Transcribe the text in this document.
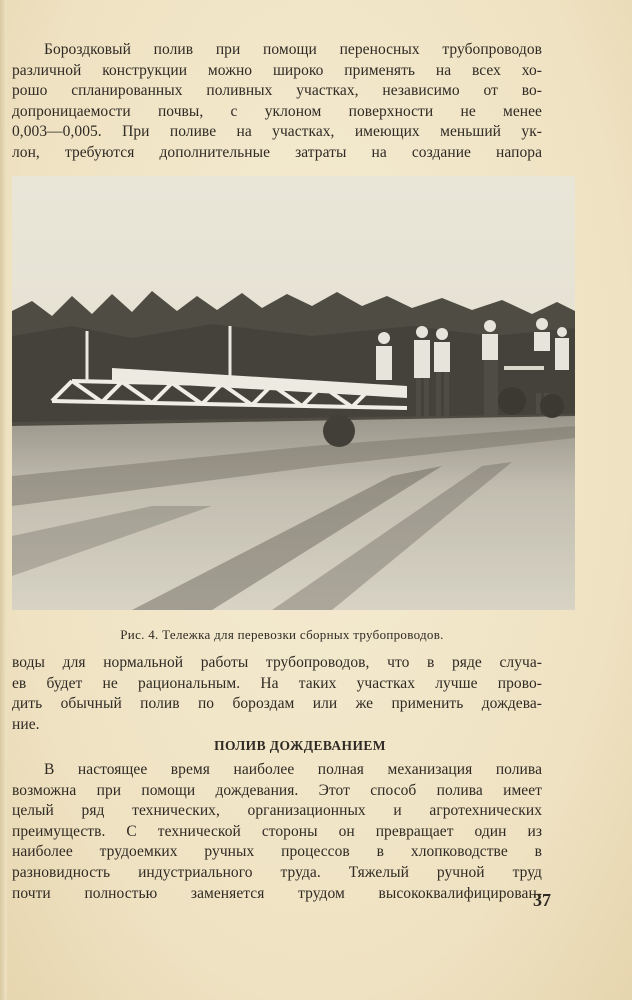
Бороздковый полив при помощи переносных трубопроводов
различной конструкции можно широко применять на всех хо-
рошо спланированных поливных участках, независимо от во-
допроницаемости почвы, с уклоном поверхности не менее
0,003—0,005. При поливе на участках, имеющих меньший ук-
лон, требуются дополнительные затраты на создание напора
Рис. 4. Тележка для перевозки сборных трубопроводов.
воды для нормальной работы трубопроводов, что в ряде случа-
ев будет не рациональным. На таких участках лучше прово-
дить обычный полив по бороздам или же применить дождева-
ние.
ПОЛИВ ДОЖДЕВАНИЕМ
В настоящее время наиболее полная механизация полива
возможна при помощи дождевания. Этот способ полива имеет
целый ряд технических, организационных и агротехнических
преимуществ. С технической стороны он превращает один из
наиболее трудоемких ручных процессов в хлопководстве в
разновидность индустриального труда. Тяжелый ручной труд
почти полностью заменяется трудом высококвалифицирован-
37
